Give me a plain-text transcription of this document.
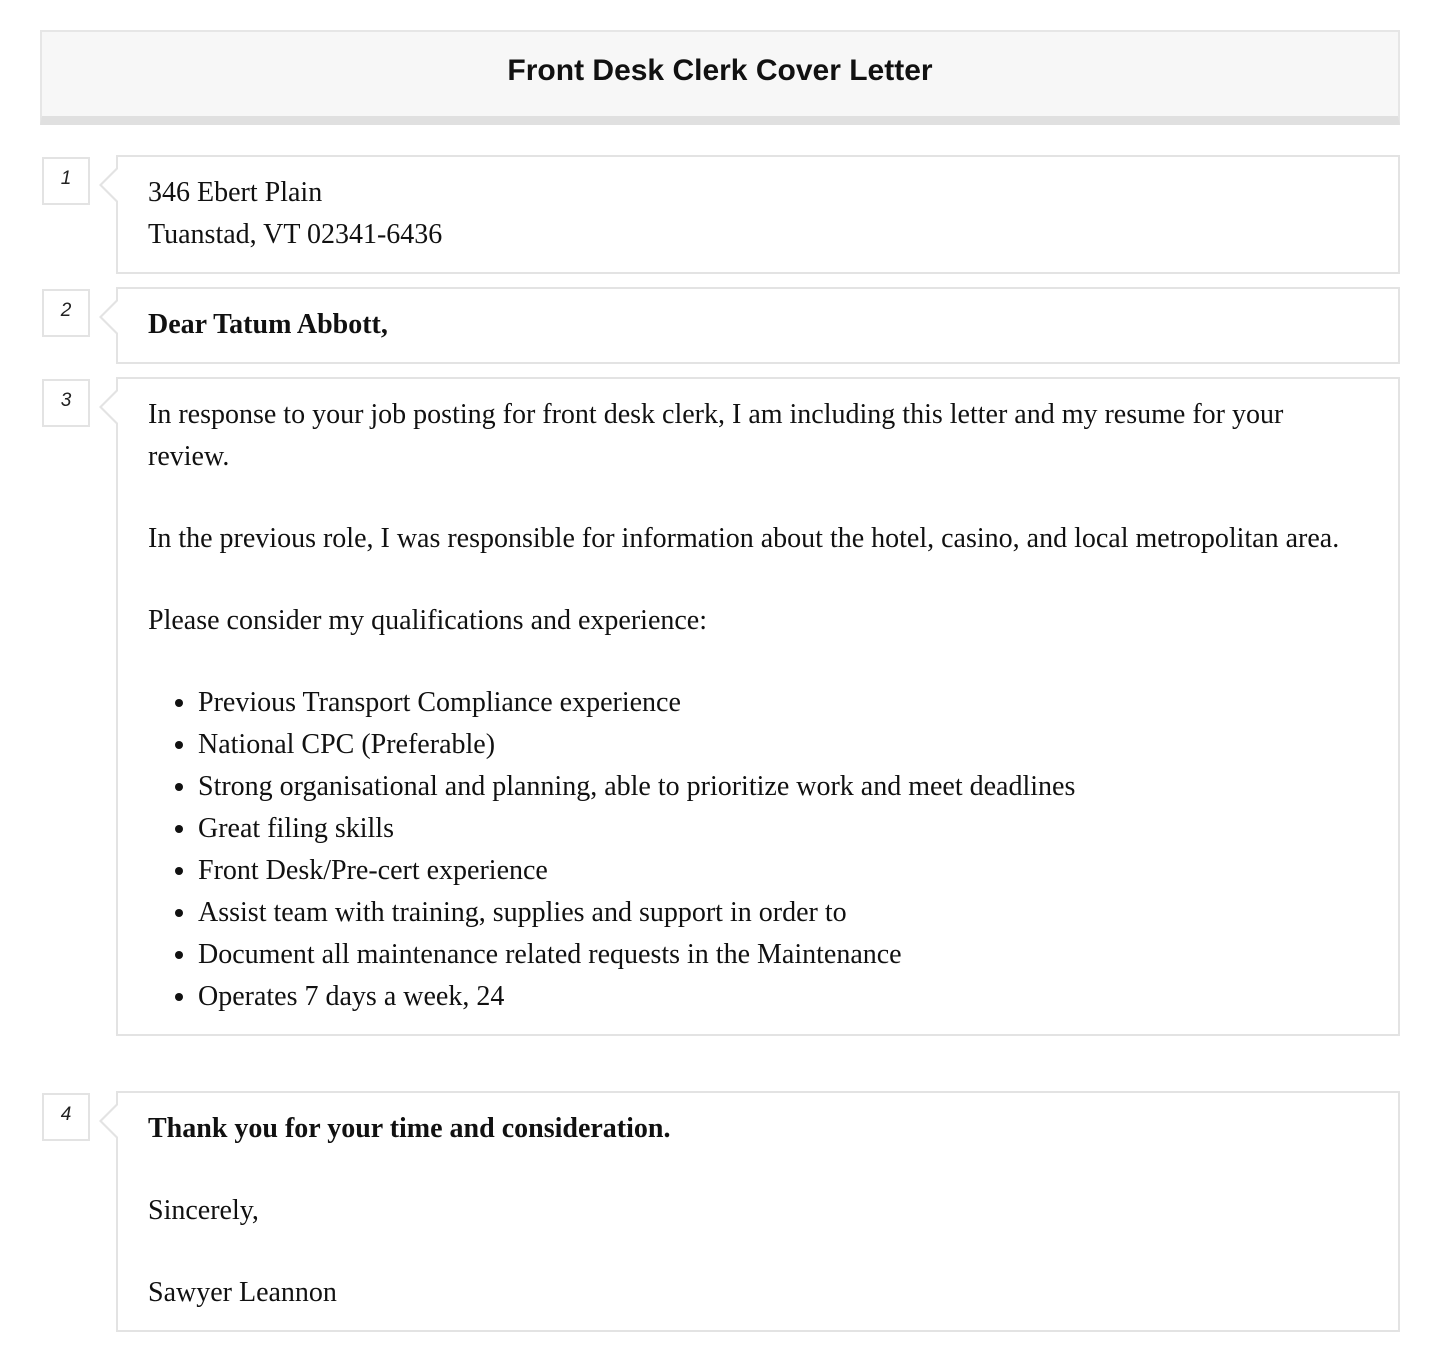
Front Desk Clerk Cover Letter
1	346 Ebert Plain

Tuanstad, VT 02341-6436

2	Dear Tatum Abbott,

3	In response to your job posting for front desk clerk, I am including this letter and my resume for your review.

In the previous role, I was responsible for information about the hotel, casino, and local metropolitan area.

Please consider my qualifications and experience:

• Previous Transport Compliance experience
• National CPC (Preferable)
• Strong organisational and planning, able to prioritize work and meet deadlines
• Great filing skills
• Front Desk/Pre-cert experience
• Assist team with training, supplies and support in order to
• Document all maintenance related requests in the Maintenance
• Operates 7 days a week, 24
4	Thank you for your time and consideration.

Sincerely,

Sawyer Leannon
